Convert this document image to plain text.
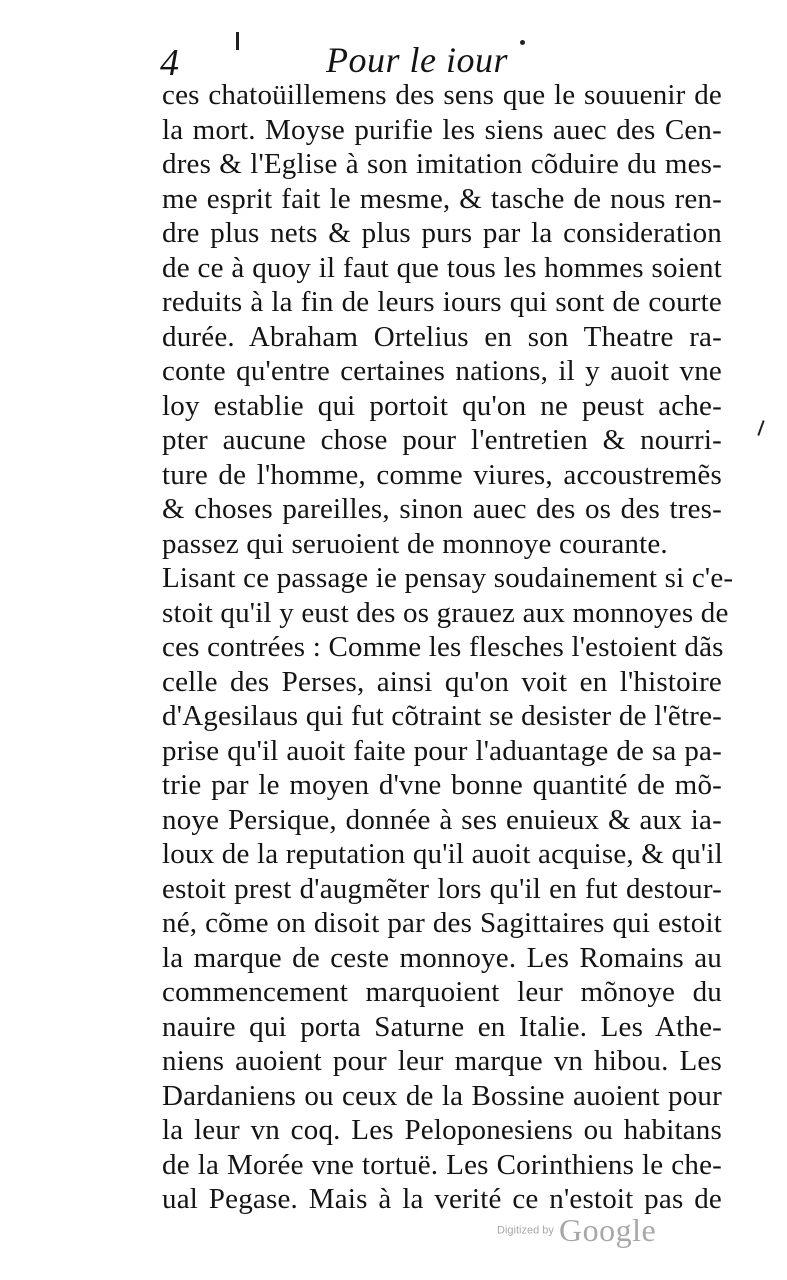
4	Pour le iour
ces chatoüillemens des sens que le souuenir de
la mort. Moyse purifie les siens auec des Cen-
dres & l'Eglise à son imitation cõduire du mes-
me esprit fait le mesme, & tasche de nous ren-
dre plus nets & plus purs par la consideration
de ce à quoy il faut que tous les hommes soient
reduits à la fin de leurs iours qui sont de courte
durée. Abraham Ortelius en son Theatre ra-
conte qu'entre certaines nations, il y auoit vne
loy establie qui portoit qu'on ne peust ache-
pter aucune chose pour l'entretien & nourri-
ture de l'homme, comme viures, accoustremẽs
& choses pareilles, sinon auec des os des tres-
passez qui seruoient de monnoye courante.
Lisant ce passage ie pensay soudainement si c'e-
stoit qu'il y eust des os grauez aux monnoyes de
ces contrées : Comme les flesches l'estoient dãs
celle des Perses, ainsi qu'on voit en l'histoire
d'Agesilaus qui fut cõtraint se desister de l'ẽtre-
prise qu'il auoit faite pour l'aduantage de sa pa-
trie par le moyen d'vne bonne quantité de mõ-
noye Persique, donnée à ses enuieux & aux ia-
loux de la reputation qu'il auoit acquise, & qu'il
estoit prest d'augmẽter lors qu'il en fut destour-
né, cõme on disoit par des Sagittaires qui estoit
la marque de ceste monnoye. Les Romains au
commencement marquoient leur mõnoye du
nauire qui porta Saturne en Italie. Les Athe-
niens auoient pour leur marque vn hibou. Les
Dardaniens ou ceux de la Bossine auoient pour
la leur vn coq. Les Peloponesiens ou habitans
de la Morée vne tortuë. Les Corinthiens le che-
ual Pegase. Mais à la verité ce n'estoit pas de
Digitized by Google
